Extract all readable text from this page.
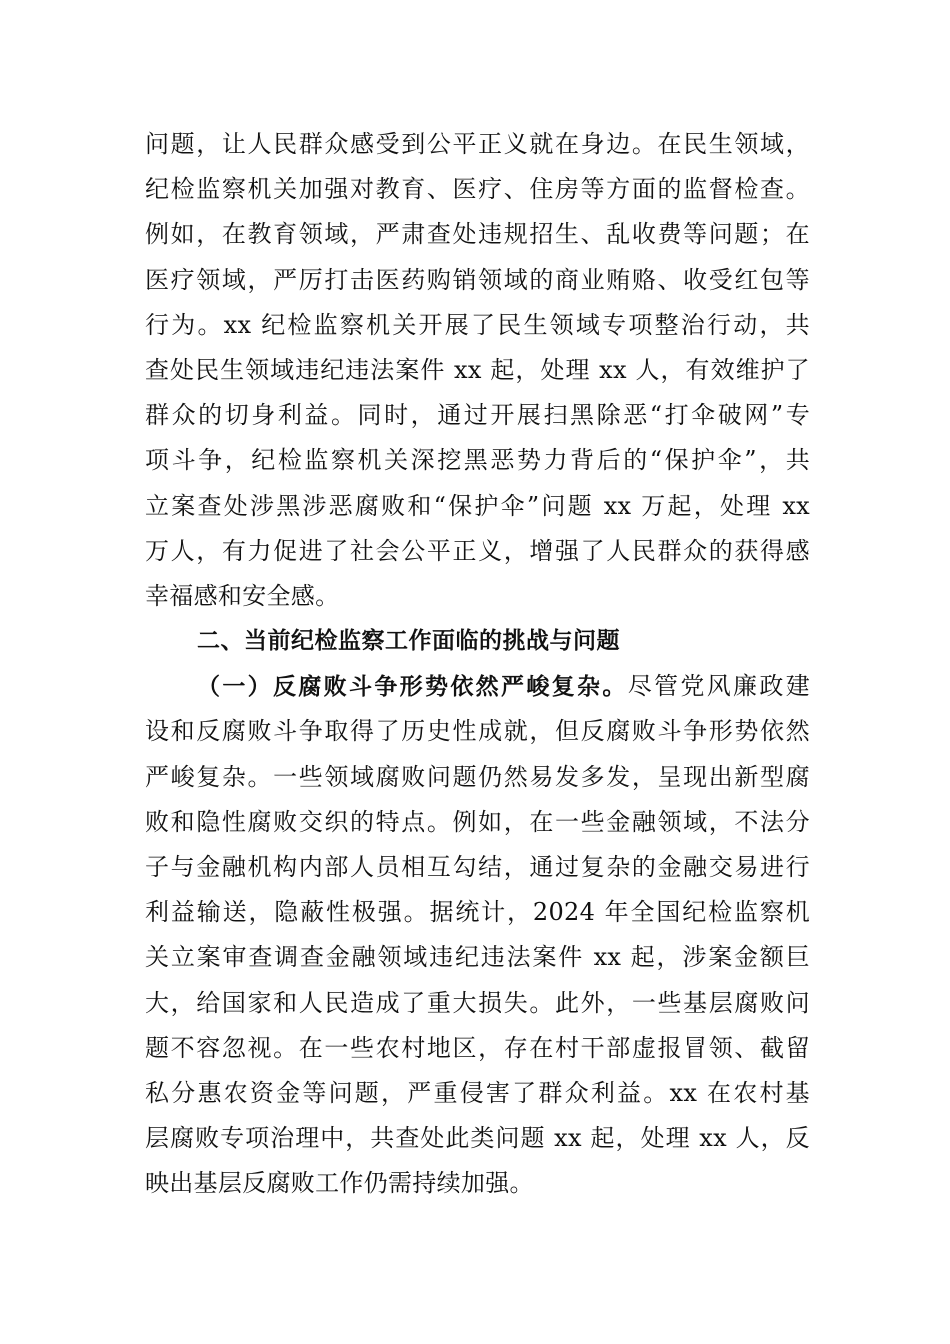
问题，让人民群众感受到公平正义就在身边。在民生领域，
纪检监察机关加强对教育、医疗、住房等方面的监督检查。
例如，在教育领域，严肃查处违规招生、乱收费等问题；在
医疗领域，严厉打击医药购销领域的商业贿赂、收受红包等
行为。xx 纪检监察机关开展了民生领域专项整治行动，共
查处民生领域违纪违法案件 xx 起，处理 xx 人，有效维护了
群众的切身利益。同时，通过开展扫黑除恶“打伞破网”专
项斗争，纪检监察机关深挖黑恶势力背后的“保护伞”，共
立案查处涉黑涉恶腐败和“保护伞”问题 xx 万起，处理 xx
万人，有力促进了社会公平正义，增强了人民群众的获得感
幸福感和安全感。
二、当前纪检监察工作面临的挑战与问题
（一）反腐败斗争形势依然严峻复杂。尽管党风廉政建
设和反腐败斗争取得了历史性成就，但反腐败斗争形势依然
严峻复杂。一些领域腐败问题仍然易发多发，呈现出新型腐
败和隐性腐败交织的特点。例如，在一些金融领域，不法分
子与金融机构内部人员相互勾结，通过复杂的金融交易进行
利益输送，隐蔽性极强。据统计，2024 年全国纪检监察机
关立案审查调查金融领域违纪违法案件 xx 起，涉案金额巨
大，给国家和人民造成了重大损失。此外，一些基层腐败问
题不容忽视。在一些农村地区，存在村干部虚报冒领、截留
私分惠农资金等问题，严重侵害了群众利益。xx 在农村基
层腐败专项治理中，共查处此类问题 xx 起，处理 xx 人，反
映出基层反腐败工作仍需持续加强。
